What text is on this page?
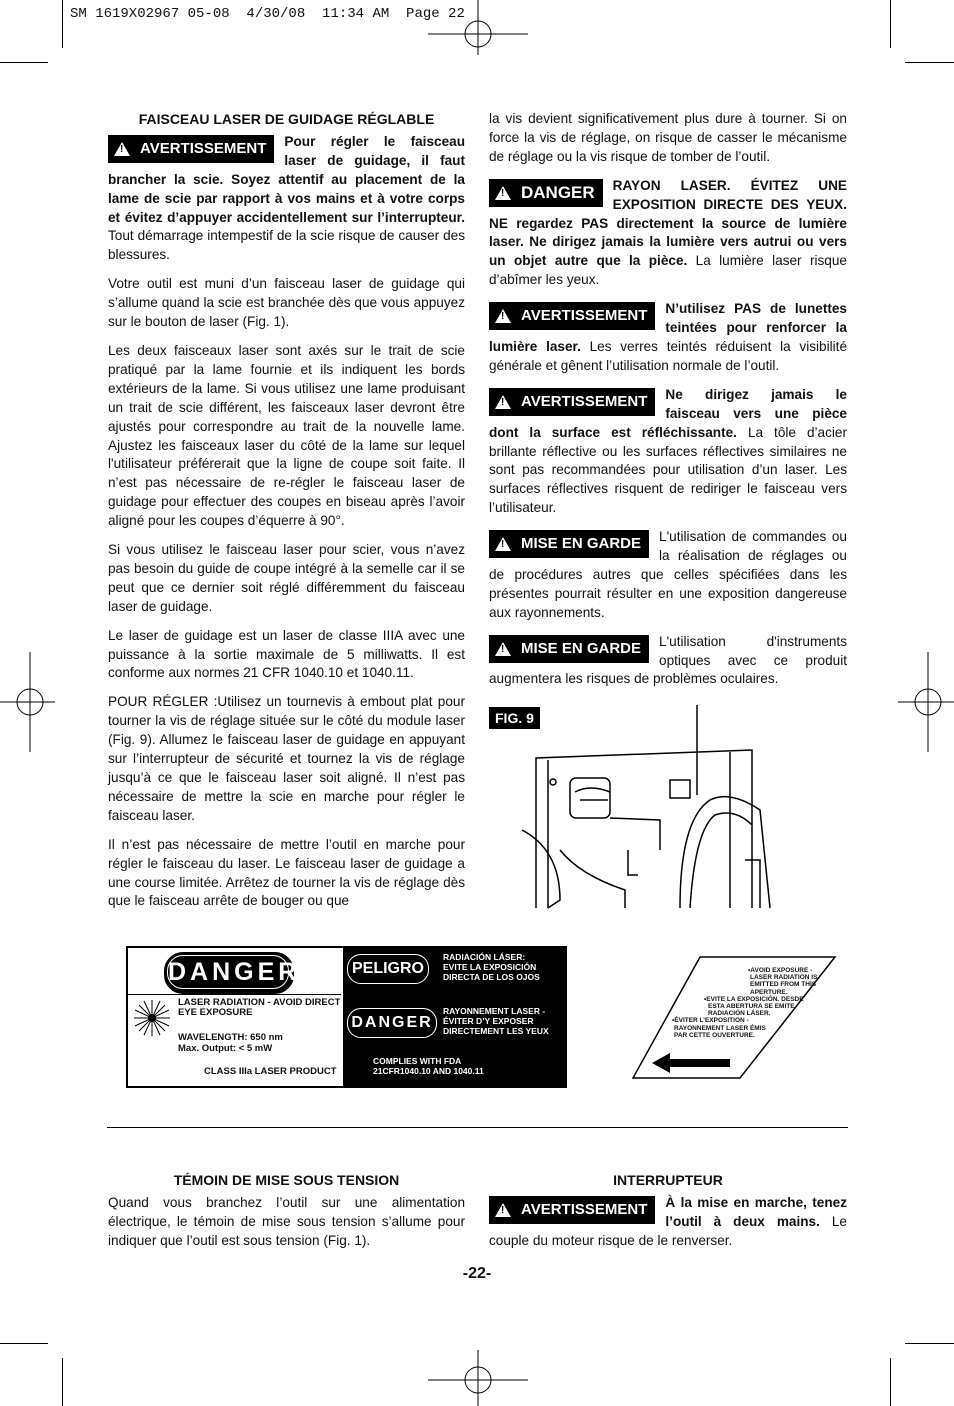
SM 1619X02967 05-08  4/30/08  11:34 AM  Page 22
FAISCEAU LASER DE GUIDAGE RÉGLABLE

! AVERTISSEMENT Pour régler le faisceau laser de guidage, il faut brancher la scie. Soyez attentif au placement de la lame de scie par rapport à vos mains et à votre corps et évitez d’appuyer accidentellement sur l’interrupteur. Tout démarrage intempestif de la scie risque de causer des blessures.

Votre outil est muni d’un faisceau laser de guidage qui s’allume quand la scie est branchée dès que vous appuyez sur le bouton de laser (Fig. 1).

Les deux faisceaux laser sont axés sur le trait de scie pratiqué par la lame fournie et ils indiquent les bords extérieurs de la lame. Si vous utilisez une lame produisant un trait de scie différent, les faisceaux laser devront être ajustés pour correspondre au trait de la nouvelle lame. Ajustez les faisceaux laser du côté de la lame sur lequel l'utilisateur préférerait que la ligne de coupe soit faite. Il n’est pas nécessaire de re-régler le faisceau laser de guidage pour effectuer des coupes en biseau après l’avoir aligné pour les coupes d’équerre à 90°.

Si vous utilisez le faisceau laser pour scier, vous n’avez pas besoin du guide de coupe intégré à la semelle car il se peut que ce dernier soit réglé différemment du faisceau laser de guidage.

Le laser de guidage est un laser de classe IIIA avec une puissance à la sortie maximale de 5 milliwatts. Il est conforme aux normes 21 CFR 1040.10 et 1040.11.

POUR RÉGLER :Utilisez un tournevis à embout plat pour tourner la vis de réglage située sur le côté du module laser (Fig. 9). Allumez le faisceau laser de guidage en appuyant sur l’interrupteur de sécurité et tournez la vis de réglage jusqu’à ce que le faisceau laser soit aligné. Il n’est pas nécessaire de mettre la scie en marche pour régler le faisceau laser.

Il n’est pas nécessaire de mettre l’outil en marche pour régler le faisceau du laser. Le faisceau laser de guidage a une course limitée. Arrêtez de tourner la vis de réglage dès que le faisceau arrête de bouger ou que

la vis devient significativement plus dure à tourner. Si on force la vis de réglage, on risque de casser le mécanisme de réglage ou la vis risque de tomber de l’outil.

! DANGER RAYON LASER. ÉVITEZ UNE EXPOSITION DIRECTE DES YEUX. NE regardez PAS directement la source de lumière laser. Ne dirigez jamais la lumière vers autrui ou vers un objet autre que la pièce. La lumière laser risque d’abîmer les yeux.

! AVERTISSEMENT N’utilisez PAS de lunettes teintées pour renforcer la lumière laser. Les verres teintés réduisent la visibilité générale et gênent l’utilisation normale de l’outil.

! AVERTISSEMENT Ne dirigez jamais le faisceau vers une pièce dont la surface est réfléchissante. La tôle d’acier brillante réflective ou les surfaces réflectives similaires ne sont pas recommandées pour utilisation d’un laser. Les surfaces réflectives risquent de rediriger le faisceau vers l’utilisateur.

! MISE EN GARDE L'utilisation de commandes ou la réalisation de réglages ou de procédures autres que celles spécifiées dans les présentes pourrait résulter en une exposition dangereuse aux rayonnements.

! MISE EN GARDE L'utilisation d'instruments optiques avec ce produit augmentera les risques de problèmes oculaires.

FIG. 9
DANGER
LASER RADIATION - AVOID DIRECT
EYE EXPOSURE
WAVELENGTH: 650 nm
Max. Output: < 5 mW
CLASS IIIa LASER PRODUCT
PELIGRO
RADIACIÓN LÁSER:
EVITE LA EXPOSICIÓN
DIRECTA DE LOS OJOS
DANGER
RAYONNEMENT LASER -
ÉVITER D’Y EXPOSER
DIRECTEMENT LES YEUX
COMPLIES WITH FDA
21CFR1040.10 AND 1040.11
•AVOID EXPOSURE -
LASER RADIATION IS
EMITTED FROM THIS
APERTURE.
•EVITE LA EXPOSICIÓN. DESDE
ESTA ABERTURA SE EMITE
RADIACIÓN LÁSER.
•ÉVITER L’EXPOSITION -
RAYONNEMENT LASER ÉMIS
PAR CETTE OUVERTURE.
TÉMOIN DE MISE SOUS TENSION

Quand vous branchez l’outil sur une alimentation électrique, le témoin de mise sous tension s’allume pour indiquer que l’outil est sous tension (Fig. 1).

INTERRUPTEUR

! AVERTISSEMENT À la mise en marche, tenez l’outil à deux mains. Le couple du moteur risque de le renverser.

-22-
